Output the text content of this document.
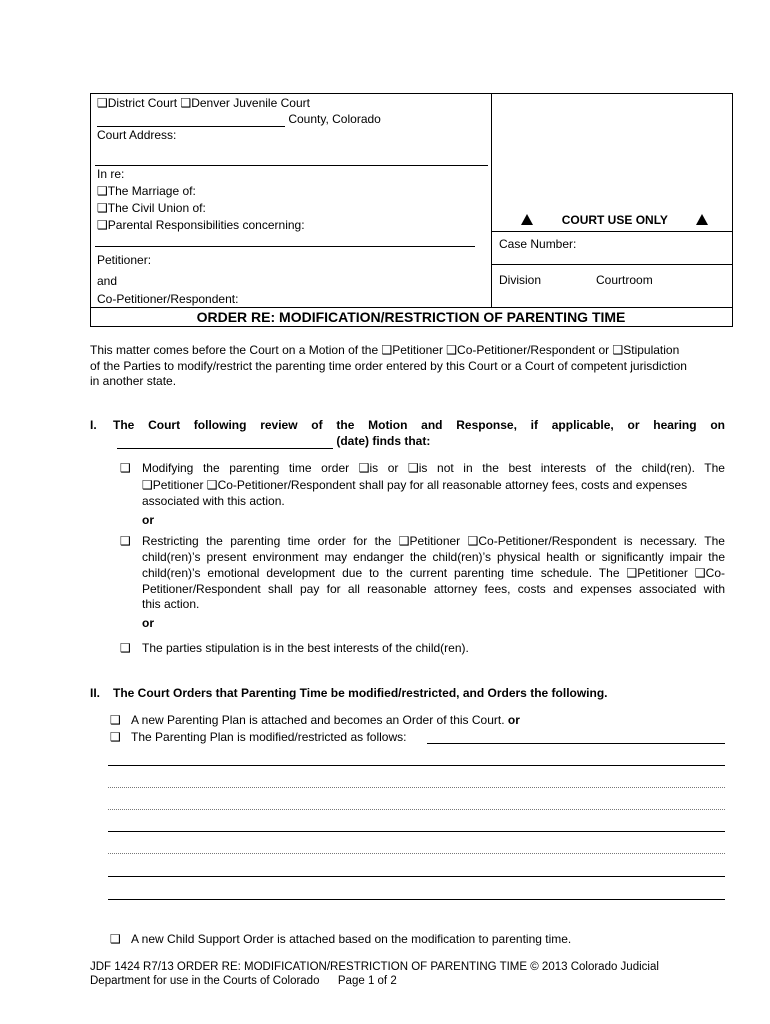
❑District Court ❑Denver Juvenile Court
County, Colorado
Court Address:
In re:
❑The Marriage of:
❑The Civil Union of:
❑Parental Responsibilities concerning:
Petitioner:
and
Co-Petitioner/Respondent:
COURT USE ONLY
Case Number:
Division	Courtroom
ORDER RE: MODIFICATION/RESTRICTION OF PARENTING TIME
This matter comes before the Court on a Motion of the ❑Petitioner ❑Co-Petitioner/Respondent or ❑Stipulation
of the Parties to modify/restrict the parenting time order entered by this Court or a Court of competent jurisdiction
in another state.
I. The Court following review of the Motion and Response, if applicable, or hearing on
(date) finds that:
❑ Modifying the parenting time order ❑is or ❑is not in the best interests of the child(ren). The
❑Petitioner ❑Co-Petitioner/Respondent shall pay for all reasonable attorney fees, costs and expenses
associated with this action.
or
❑ Restricting the parenting time order for the ❑Petitioner ❑Co-Petitioner/Respondent is necessary. The
child(ren)’s present environment may endanger the child(ren)’s physical health or significantly impair the
child(ren)’s emotional development due to the current parenting time schedule. The ❑Petitioner ❑Co-
Petitioner/Respondent shall pay for all reasonable attorney fees, costs and expenses associated with
this action.
or
❑ The parties stipulation is in the best interests of the child(ren).
II. The Court Orders that Parenting Time be modified/restricted, and Orders the following.
❑ A new Parenting Plan is attached and becomes an Order of this Court. or
❑ The Parenting Plan is modified/restricted as follows:
❑ A new Child Support Order is attached based on the modification to parenting time.
JDF 1424 R7/13 ORDER RE: MODIFICATION/RESTRICTION OF PARENTING TIME © 2013 Colorado Judicial
Department for use in the Courts of Colorado Page 1 of 2
